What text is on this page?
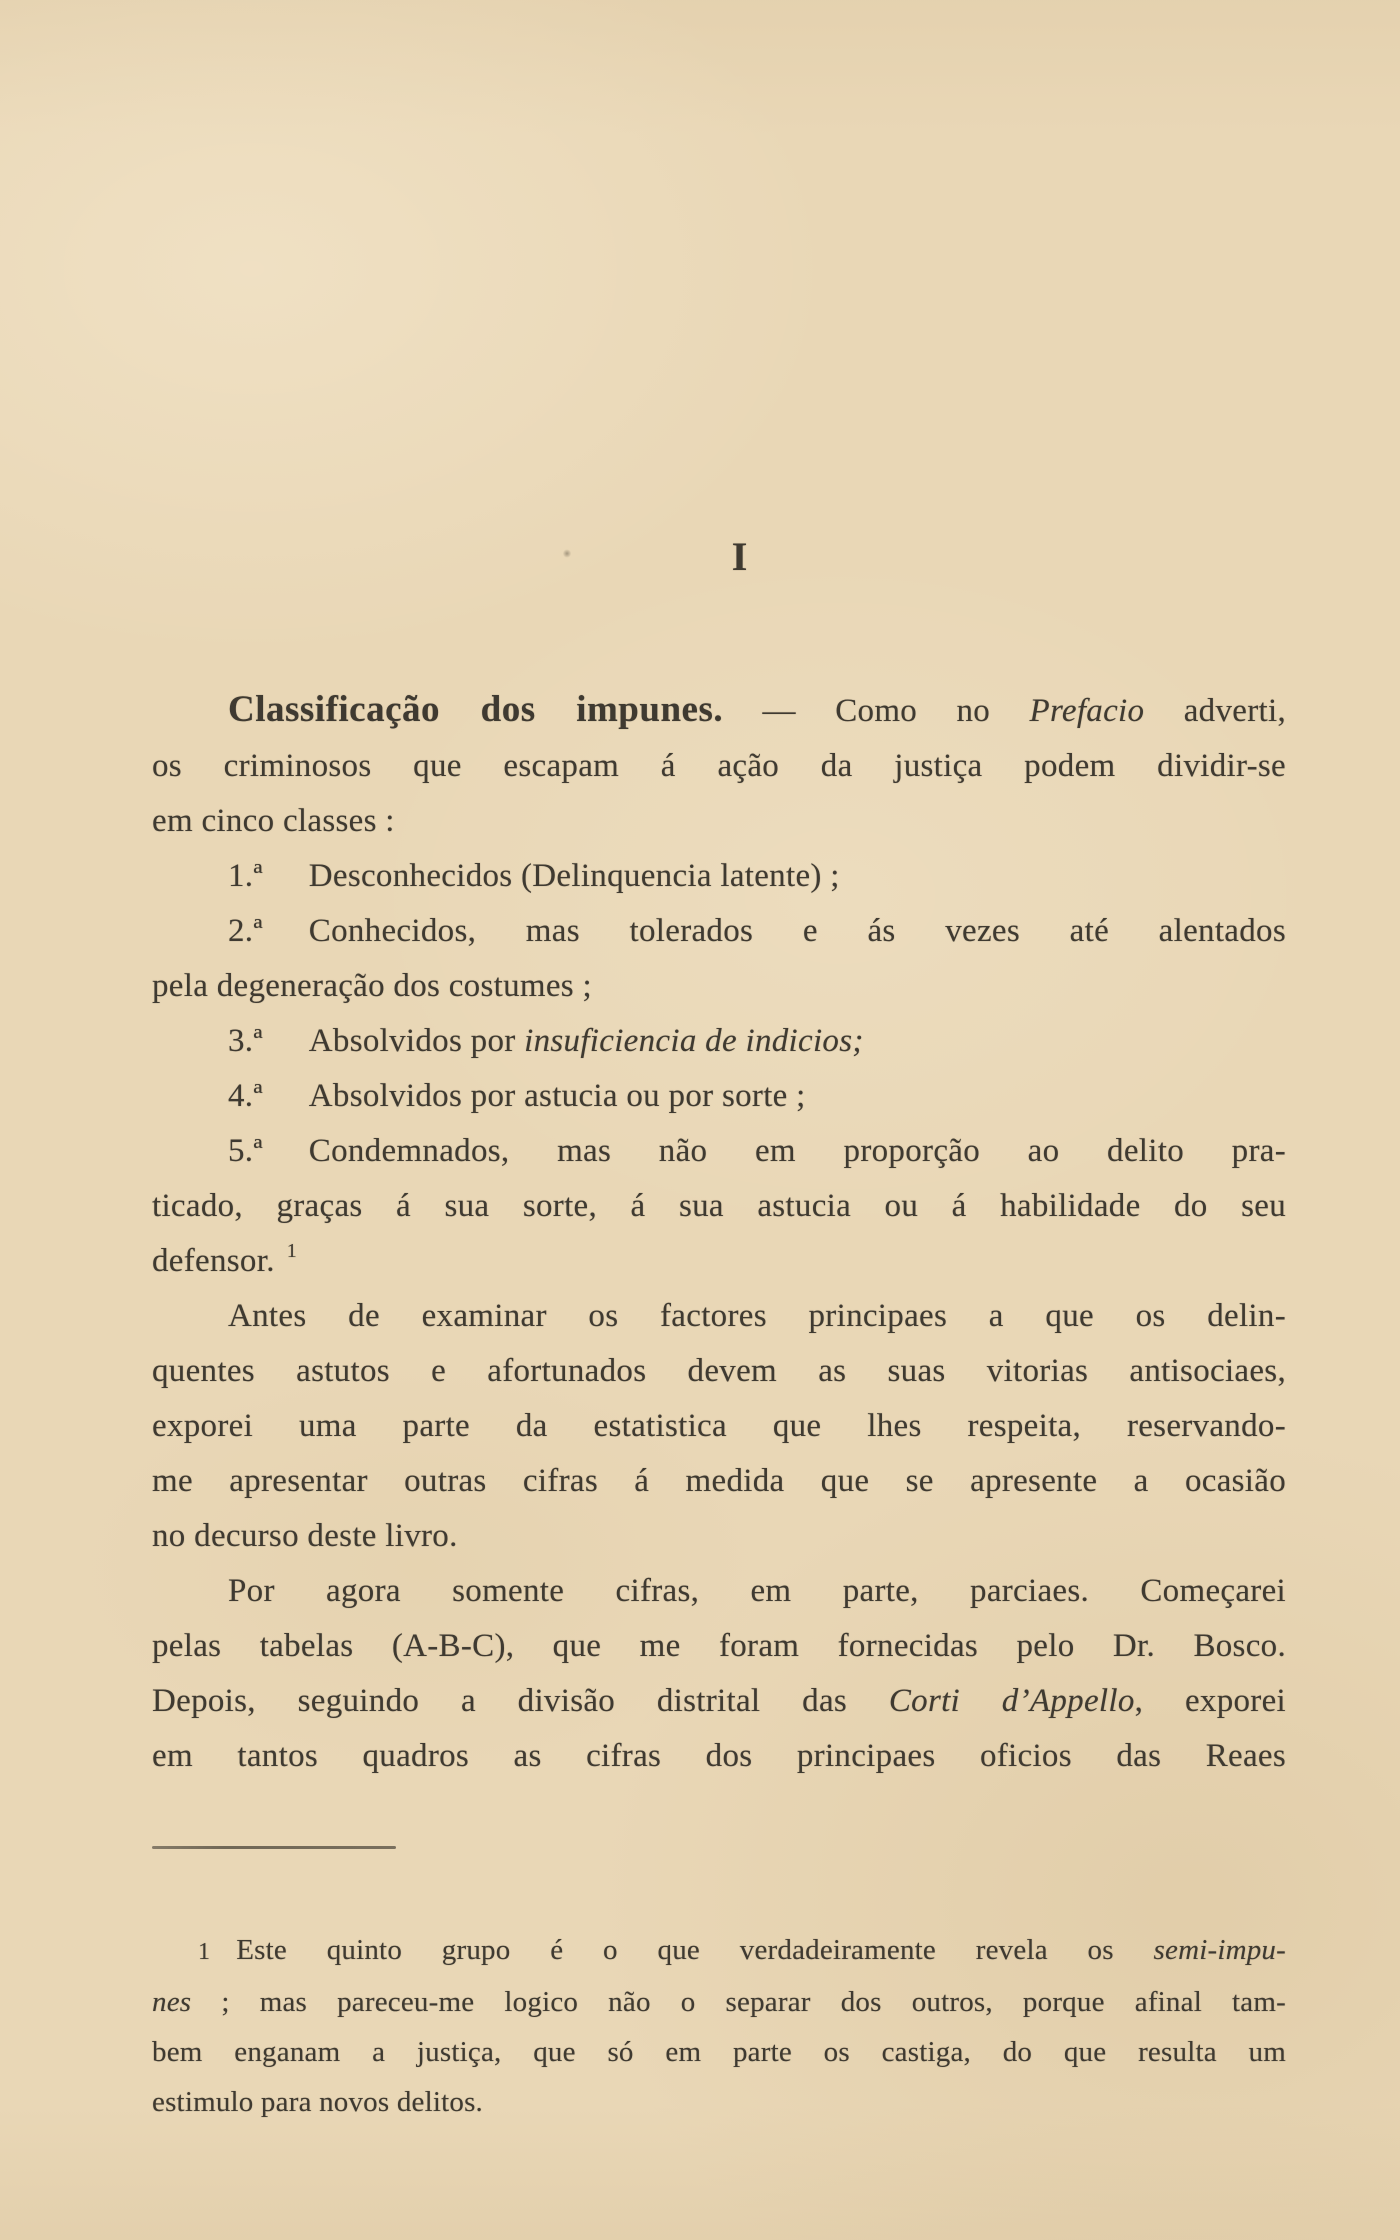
I
Classificação dos impunes. — Como no Prefacio adverti,
os criminosos que escapam á ação da justiça podem dividir-se
em cinco classes :
1.ª Desconhecidos (Delinquencia latente) ;
2.ª Conhecidos, mas tolerados e ás vezes até alentados
pela degeneração dos costumes ;
3.ª Absolvidos por insuficiencia de indicios;
4.ª Absolvidos por astucia ou por sorte ;
5.ª Condemnados, mas não em proporção ao delito pra-
ticado, graças á sua sorte, á sua astucia ou á habilidade do seu
defensor. $^1$
Antes de examinar os factores principaes a que os delin-
quentes astutos e afortunados devem as suas vitorias antisociaes,
exporei uma parte da estatistica que lhes respeita, reservando-
me apresentar outras cifras á medida que se apresente a ocasião
no decurso deste livro.
Por agora somente cifras, em parte, parciaes. Começarei
pelas tabelas (A-B-C), que me foram fornecidas pelo Dr. Bosco.
Depois, seguindo a divisão distrital das Corti d’Appello, exporei
em tantos quadros as cifras dos principaes oficios das Reaes
1 Este quinto grupo é o que verdadeiramente revela os semi-impu-
nes ; mas pareceu-me logico não o separar dos outros, porque afinal tam-
bem enganam a justiça, que só em parte os castiga, do que resulta um
estimulo para novos delitos.
